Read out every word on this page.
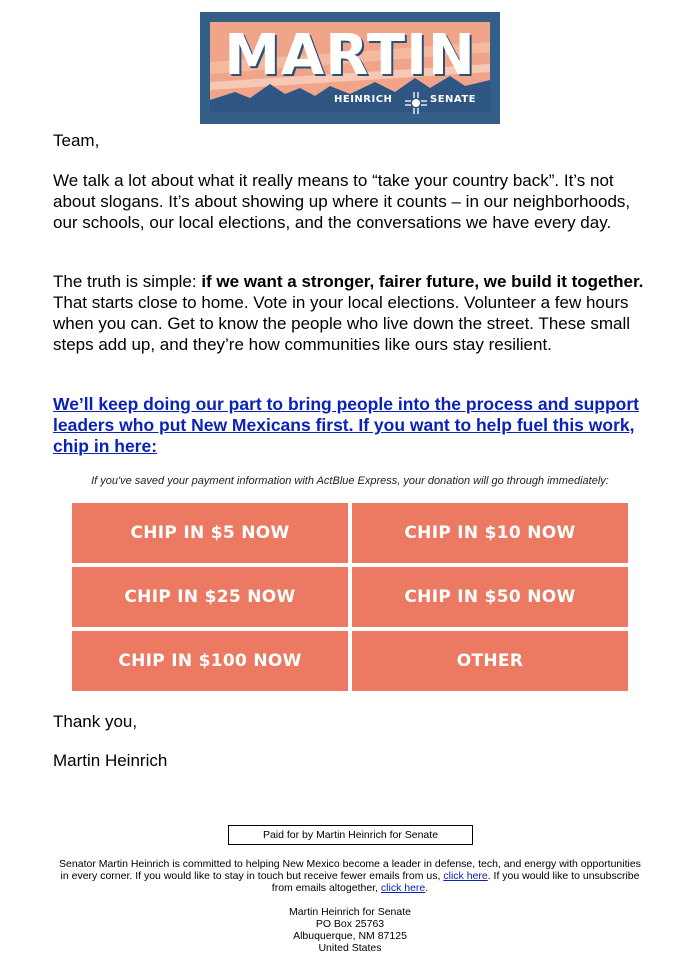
MARTIN
HEINRICH	SENATE

Team,

We talk a lot about what it really means to “take your country back”. It’s not about slogans. It’s about showing up where it counts – in our neighborhoods, our schools, our local elections, and the conversations we have every day.

The truth is simple: if we want a stronger, fairer future, we build it together. That starts close to home. Vote in your local elections. Volunteer a few hours when you can. Get to know the people who live down the street. These small steps add up, and they’re how communities like ours stay resilient.

We’ll keep doing our part to bring people into the process and support leaders who put New Mexicans first. If you want to help fuel this work, chip in here:

If you've saved your payment information with ActBlue Express, your donation will go through immediately:
CHIP IN $5 NOW	CHIP IN $10 NOW
CHIP IN $25 NOW	CHIP IN $50 NOW
CHIP IN $100 NOW	OTHER

Thank you,

Martin Heinrich

Paid for by Martin Heinrich for Senate
Senator Martin Heinrich is committed to helping New Mexico become a leader in defense, tech, and energy with opportunities in every corner. If you would like to stay in touch but receive fewer emails from us, click here. If you would like to unsubscribe from emails altogether, click here.
Martin Heinrich for Senate
PO Box 25763
Albuquerque, NM 87125
United States
